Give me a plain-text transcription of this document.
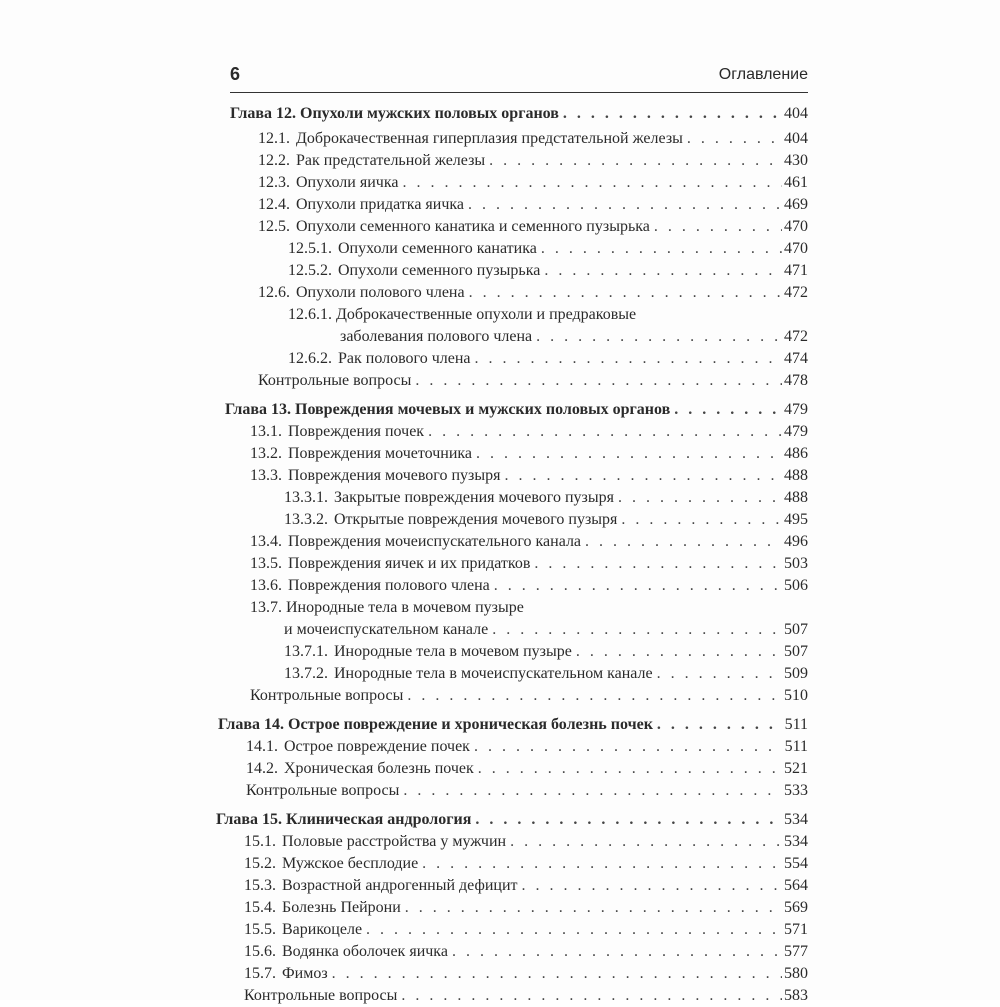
6	Оглавление
Глава 12. Опухоли мужских половых органов . . .	404
12.1. Доброкачественная гиперплазия предстательной железы . . .	404
12.2. Рак предстательной железы . . .	430
12.3. Опухоли яичка . . .	461
12.4. Опухоли придатка яичка . . .	469
12.5. Опухоли семенного канатика и семенного пузырька . . .	470
12.5.1. Опухоли семенного канатика . . .	470
12.5.2. Опухоли семенного пузырька . . .	471
12.6. Опухоли полового члена . . .	472
12.6.1. Доброкачественные опухоли и предраковые
заболевания полового члена . . .	472
12.6.2. Рак полового члена . . .	474
Контрольные вопросы . . .	478
Глава 13. Повреждения мочевых и мужских половых органов . . .	479
13.1. Повреждения почек . . .	479
13.2. Повреждения мочеточника . . .	486
13.3. Повреждения мочевого пузыря . . .	488
13.3.1. Закрытые повреждения мочевого пузыря . . .	488
13.3.2. Открытые повреждения мочевого пузыря . . .	495
13.4. Повреждения мочеиспускательного канала . . .	496
13.5. Повреждения яичек и их придатков . . .	503
13.6. Повреждения полового члена . . .	506
13.7. Инородные тела в мочевом пузыре
и мочеиспускательном канале . . .	507
13.7.1. Инородные тела в мочевом пузыре . . .	507
13.7.2. Инородные тела в мочеиспускательном канале . . .	509
Контрольные вопросы . . .	510
Глава 14. Острое повреждение и хроническая болезнь почек . . .	511
14.1. Острое повреждение почек . . .	511
14.2. Хроническая болезнь почек . . .	521
Контрольные вопросы . . .	533
Глава 15. Клиническая андрология . . .	534
15.1. Половые расстройства у мужчин . . .	534
15.2. Мужское бесплодие . . .	554
15.3. Возрастной андрогенный дефицит . . .	564
15.4. Болезнь Пейрони . . .	569
15.5. Варикоцеле . . .	571
15.6. Водянка оболочек яичка . . .	577
15.7. Фимоз . . .	580
Контрольные вопросы . . .	583
